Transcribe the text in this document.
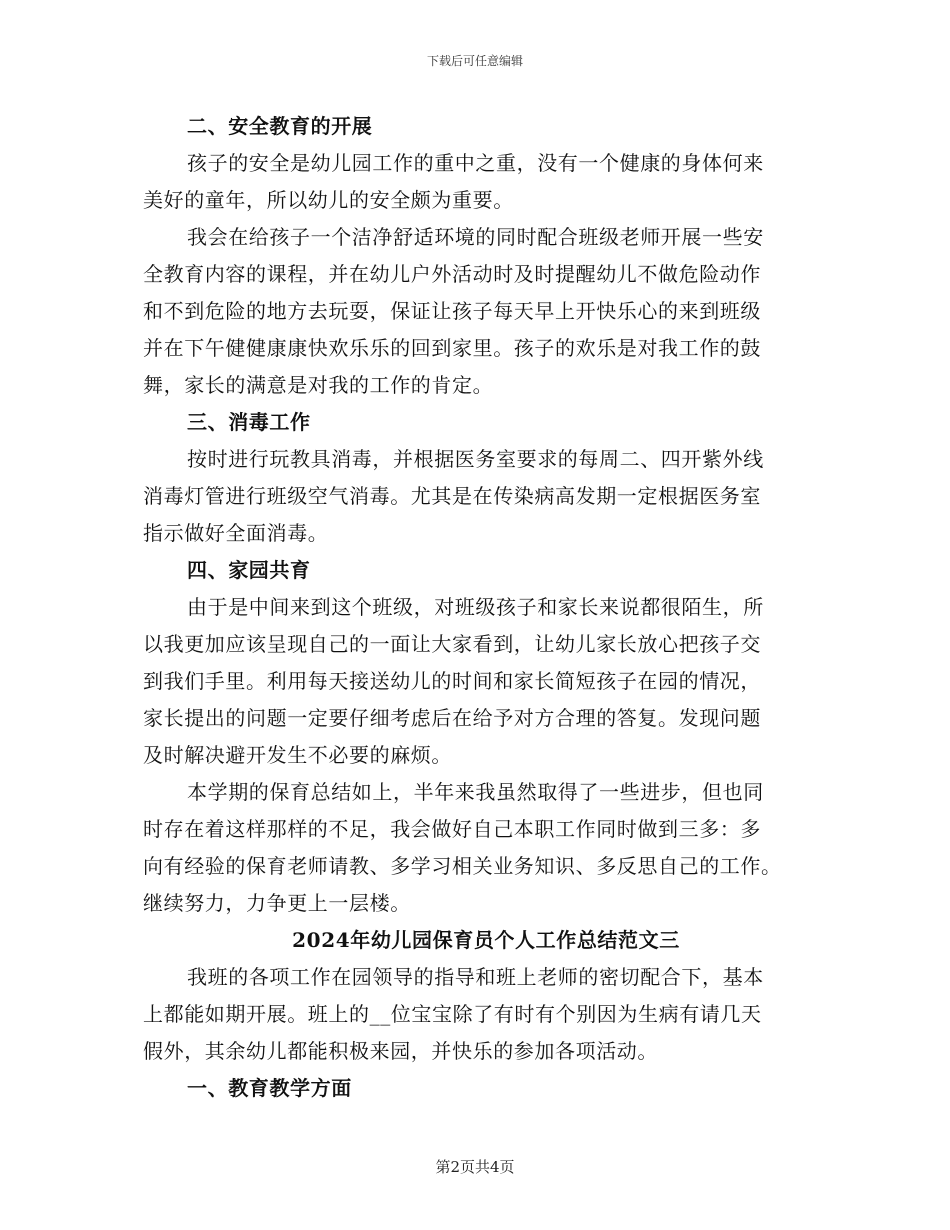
下载后可任意编辑
二、安全教育的开展
孩子的安全是幼儿园工作的重中之重，没有一个健康的身体何来
美好的童年，所以幼儿的安全颇为重要。
我会在给孩子一个洁净舒适环境的同时配合班级老师开展一些安
全教育内容的课程，并在幼儿户外活动时及时提醒幼儿不做危险动作
和不到危险的地方去玩耍，保证让孩子每天早上开快乐心的来到班级
并在下午健健康康快欢乐乐的回到家里。孩子的欢乐是对我工作的鼓
舞，家长的满意是对我的工作的肯定。
三、消毒工作
按时进行玩教具消毒，并根据医务室要求的每周二、四开紫外线
消毒灯管进行班级空气消毒。尤其是在传染病高发期一定根据医务室
指示做好全面消毒。
四、家园共育
由于是中间来到这个班级，对班级孩子和家长来说都很陌生，所
以我更加应该呈现自己的一面让大家看到，让幼儿家长放心把孩子交
到我们手里。利用每天接送幼儿的时间和家长简短孩子在园的情况，
家长提出的问题一定要仔细考虑后在给予对方合理的答复。发现问题
及时解决避开发生不必要的麻烦。
本学期的保育总结如上，半年来我虽然取得了一些进步，但也同
时存在着这样那样的不足，我会做好自己本职工作同时做到三多：多
向有经验的保育老师请教、多学习相关业务知识、多反思自己的工作。
继续努力，力争更上一层楼。
2024年幼儿园保育员个人工作总结范文三
我班的各项工作在园领导的指导和班上老师的密切配合下，基本
上都能如期开展。班上的__位宝宝除了有时有个别因为生病有请几天
假外，其余幼儿都能积极来园，并快乐的参加各项活动。
一、教育教学方面
第2页共4页
